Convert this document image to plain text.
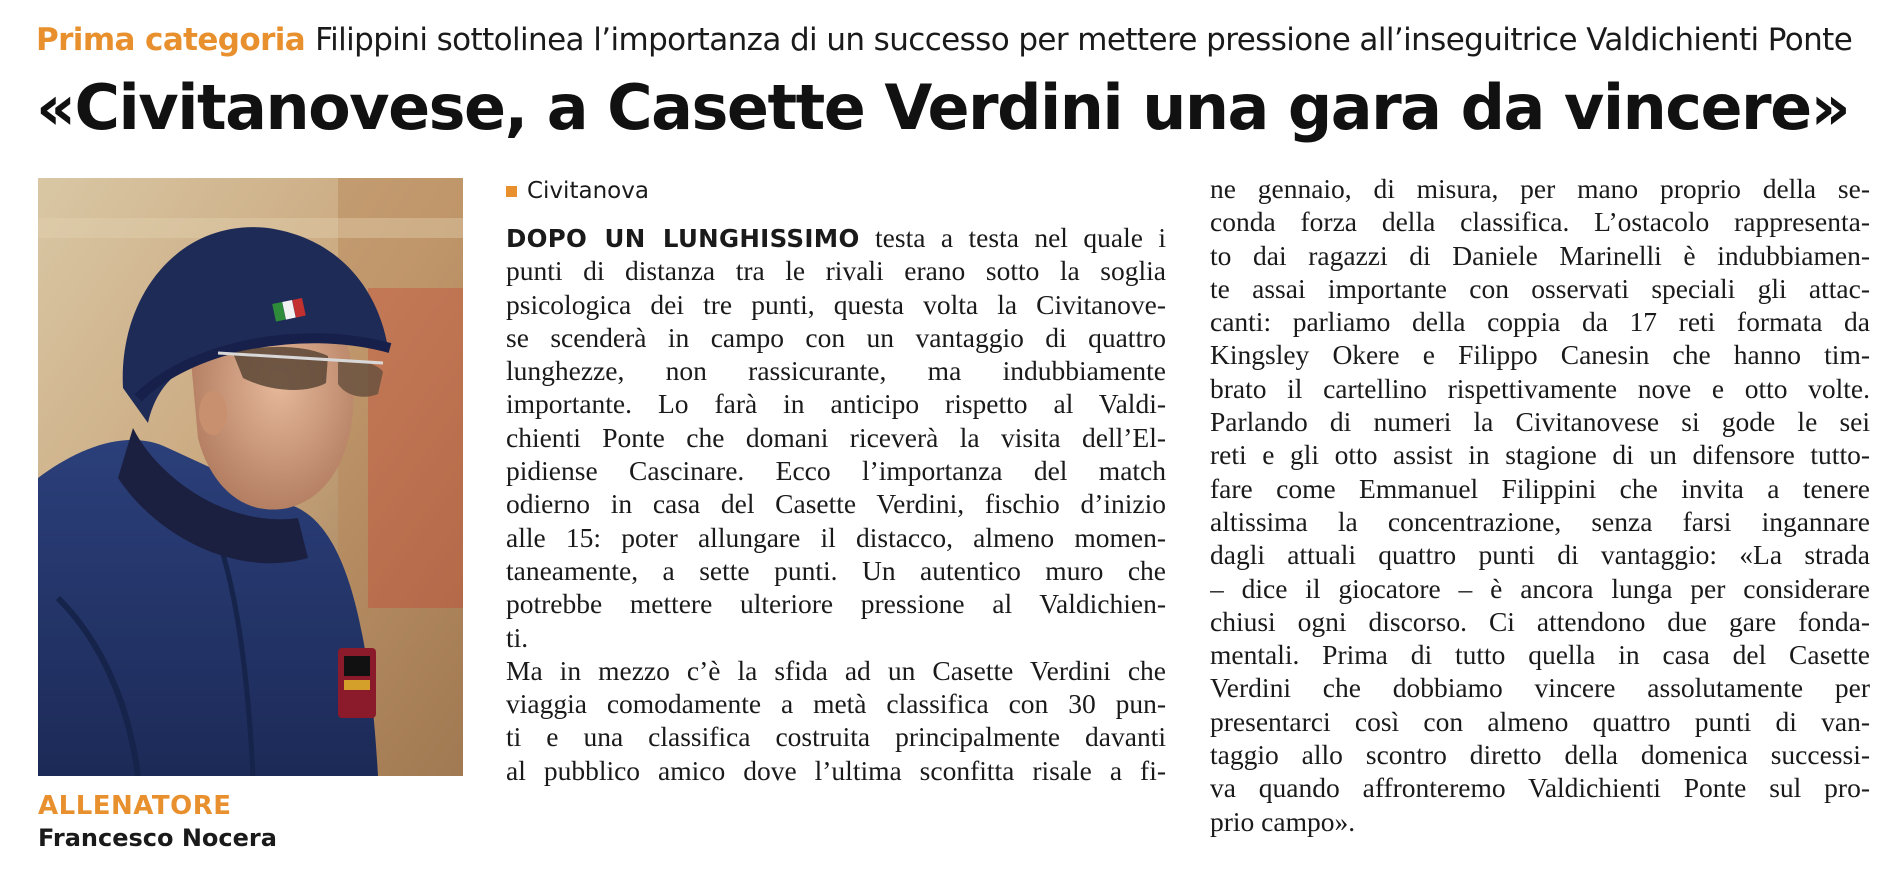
Prima categoria Filippini sottolinea l’importanza di un successo per mettere pressione all’inseguitrice Valdichienti Ponte
«Civitanovese, a Casette Verdini una gara da vincere»
ALLENATORE
Francesco Nocera
Civitanova
DOPO UN LUNGHISSIMO testa a testa nel quale i
punti di distanza tra le rivali erano sotto la soglia
psicologica dei tre punti, questa volta la Civitanove-
se scenderà in campo con un vantaggio di quattro
lunghezze, non rassicurante, ma indubbiamente
importante. Lo farà in anticipo rispetto al Valdi-
chienti Ponte che domani riceverà la visita dell’El-
pidiense Cascinare. Ecco l’importanza del match
odierno in casa del Casette Verdini, fischio d’inizio
alle 15: poter allungare il distacco, almeno momen-
taneamente, a sette punti. Un autentico muro che
potrebbe mettere ulteriore pressione al Valdichien-
ti.
Ma in mezzo c’è la sfida ad un Casette Verdini che
viaggia comodamente a metà classifica con 30 pun-
ti e una classifica costruita principalmente davanti
al pubblico amico dove l’ultima sconfitta risale a fi-
ne gennaio, di misura, per mano proprio della se-
conda forza della classifica. L’ostacolo rappresenta-
to dai ragazzi di Daniele Marinelli è indubbiamen-
te assai importante con osservati speciali gli attac-
canti: parliamo della coppia da 17 reti formata da
Kingsley Okere e Filippo Canesin che hanno tim-
brato il cartellino rispettivamente nove e otto volte.
Parlando di numeri la Civitanovese si gode le sei
reti e gli otto assist in stagione di un difensore tutto-
fare come Emmanuel Filippini che invita a tenere
altissima la concentrazione, senza farsi ingannare
dagli attuali quattro punti di vantaggio: «La strada
– dice il giocatore – è ancora lunga per considerare
chiusi ogni discorso. Ci attendono due gare fonda-
mentali. Prima di tutto quella in casa del Casette
Verdini che dobbiamo vincere assolutamente per
presentarci così con almeno quattro punti di van-
taggio allo scontro diretto della domenica successi-
va quando affronteremo Valdichienti Ponte sul pro-
prio campo».
